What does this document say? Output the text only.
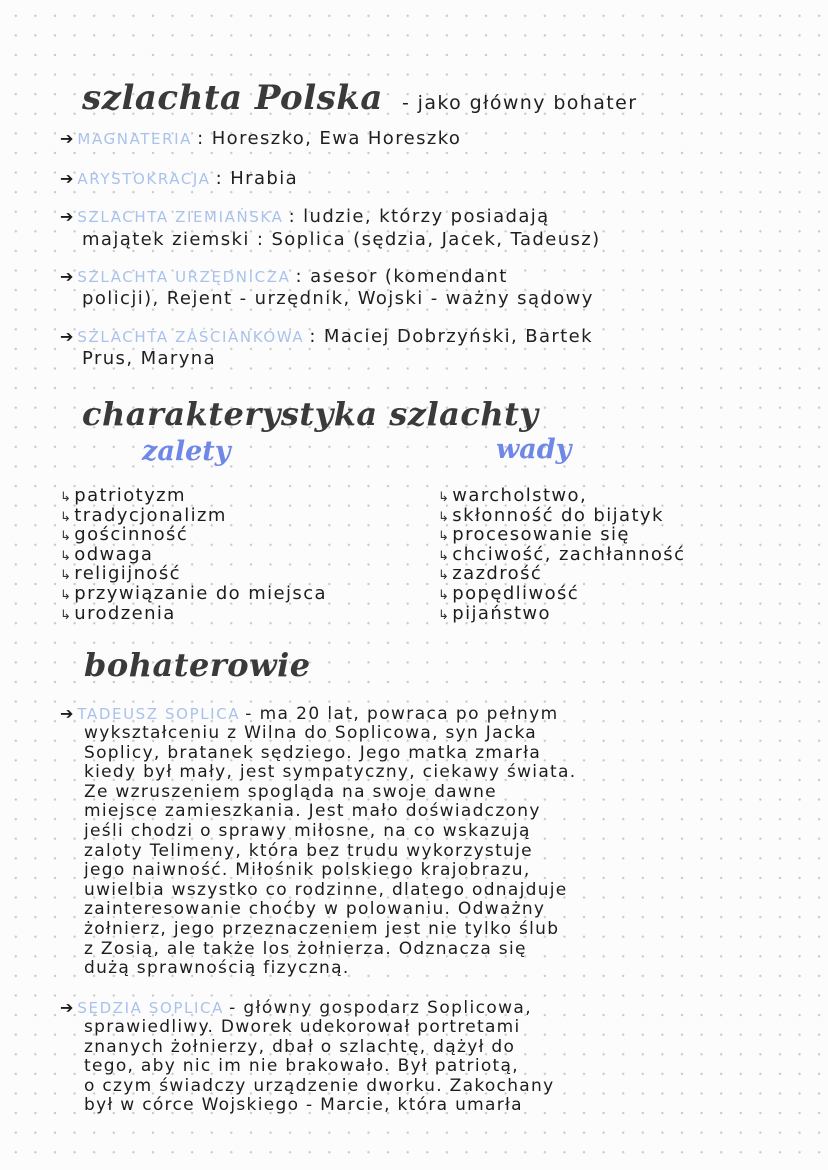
szlachta Polska - jako główny bohater
➔ MAGNATERIA : Horeszko, Ewa Horeszko
➔ ARYSTOKRACJA : Hrabia
➔ SZLACHTA ZIEMIAŃSKA : ludzie, którzy posiadają
majątek ziemski : Soplica (sędzia, Jacek, Tadeusz)
➔ SZLACHTA URZĘDNICZA : asesor (komendant
policji), Rejent - urzędnik, Wojski - ważny sądowy
➔ SZLACHTA ZAŚCIANKOWA : Maciej Dobrzyński, Bartek
Prus, Maryna
charakterystyka szlachty
zalety	wady
↳ patriotyzm
↳ tradycjonalizm
↳ gościnność
↳ odwaga
↳ religijność
↳ przywiązanie do miejsca
↳ urodzenia
↳ warcholstwo,
↳ skłonność do bijatyk
↳ procesowanie się
↳ chciwość, zachłanność
↳ zazdrość
↳ popędliwość
↳ pijaństwo
bohaterowie
➔ TADEUSZ SOPLICA - ma 20 lat, powraca po pełnym
wykształceniu z Wilna do Soplicowa, syn Jacka
Soplicy, bratanek sędziego. Jego matka zmarła
kiedy był mały, jest sympatyczny, ciekawy świata.
Ze wzruszeniem spogląda na swoje dawne
miejsce zamieszkania. Jest mało doświadczony
jeśli chodzi o sprawy miłosne, na co wskazują
zaloty Telimeny, która bez trudu wykorzystuje
jego naiwność. Miłośnik polskiego krajobrazu,
uwielbia wszystko co rodzinne, dlatego odnajduje
zainteresowanie choćby w polowaniu. Odważny
żołnierz, jego przeznaczeniem jest nie tylko ślub
z Zosią, ale także los żołnierza. Odznacza się
dużą sprawnością fizyczną.
➔ SĘDZIA SOPLICA - główny gospodarz Soplicowa,
sprawiedliwy. Dworek udekorował portretami
znanych żołnierzy, dbał o szlachtę, dążył do
tego, aby nic im nie brakowało. Był patriotą,
o czym świadczy urządzenie dworku. Zakochany
był w córce Wojskiego - Marcie, która umarła
